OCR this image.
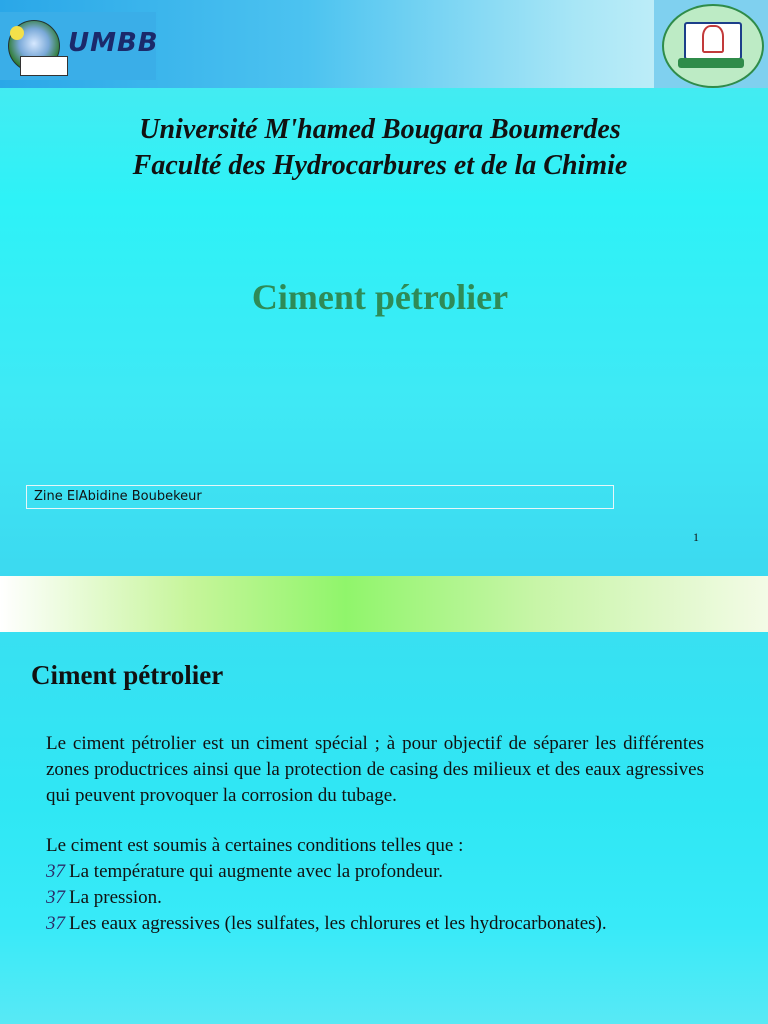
UMBB
Université M'hamed Bougara Boumerdes
Faculté des Hydrocarbures et de la Chimie
Ciment pétrolier
Zine ElAbidine Boubekeur
1
Ciment pétrolier
Le ciment pétrolier est un ciment spécial ; à pour objectif de séparer les différentes zones productrices ainsi que la protection de casing des milieux et des eaux agressives qui peuvent provoquer la corrosion du tubage.
Le ciment est soumis à certaines conditions telles que :
37 La température qui augmente avec la profondeur.
37 La pression.
37 Les eaux agressives (les sulfates, les chlorures et les hydrocarbonates).
